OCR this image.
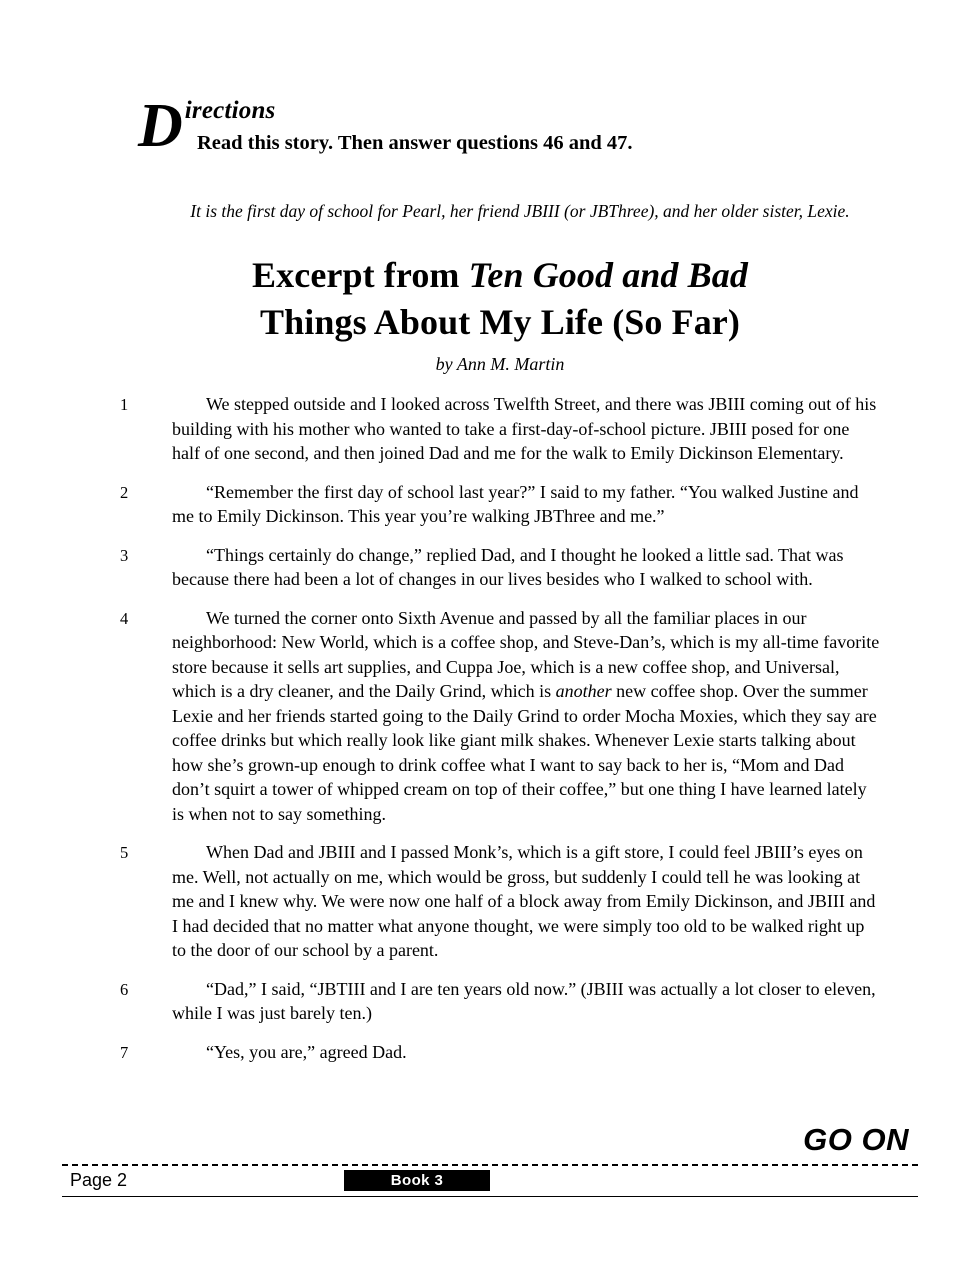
D irections
Read this story. Then answer questions 46 and 47.
It is the first day of school for Pearl, her friend JBIII (or JBThree), and her older sister, Lexie.
Excerpt from Ten Good and Bad
Things About My Life (So Far)
by Ann M. Martin
1	We stepped outside and I looked across Twelfth Street, and there was JBIII coming out of his building with his mother who wanted to take a first-day-of-school picture. JBIII posed for one half of one second, and then joined Dad and me for the walk to Emily Dickinson Elementary.
2	“Remember the first day of school last year?” I said to my father. “You walked Justine and me to Emily Dickinson. This year you’re walking JBThree and me.”
3	“Things certainly do change,” replied Dad, and I thought he looked a little sad. That was because there had been a lot of changes in our lives besides who I walked to school with.
4	We turned the corner onto Sixth Avenue and passed by all the familiar places in our neighborhood: New World, which is a coffee shop, and Steve-Dan’s, which is my all-time favorite store because it sells art supplies, and Cuppa Joe, which is a new coffee shop, and Universal, which is a dry cleaner, and the Daily Grind, which is another new coffee shop. Over the summer Lexie and her friends started going to the Daily Grind to order Mocha Moxies, which they say are coffee drinks but which really look like giant milk shakes. Whenever Lexie starts talking about how she’s grown-up enough to drink coffee what I want to say back to her is, “Mom and Dad don’t squirt a tower of whipped cream on top of their coffee,” but one thing I have learned lately is when not to say something.
5	When Dad and JBIII and I passed Monk’s, which is a gift store, I could feel JBIII’s eyes on me. Well, not actually on me, which would be gross, but suddenly I could tell he was looking at me and I knew why. We were now one half of a block away from Emily Dickinson, and JBIII and I had decided that no matter what anyone thought, we were simply too old to be walked right up to the door of our school by a parent.
6	“Dad,” I said, “JBTIII and I are ten years old now.” (JBIII was actually a lot closer to eleven, while I was just barely ten.)
7	“Yes, you are,” agreed Dad.
GO ON
Page 2	Book 3
